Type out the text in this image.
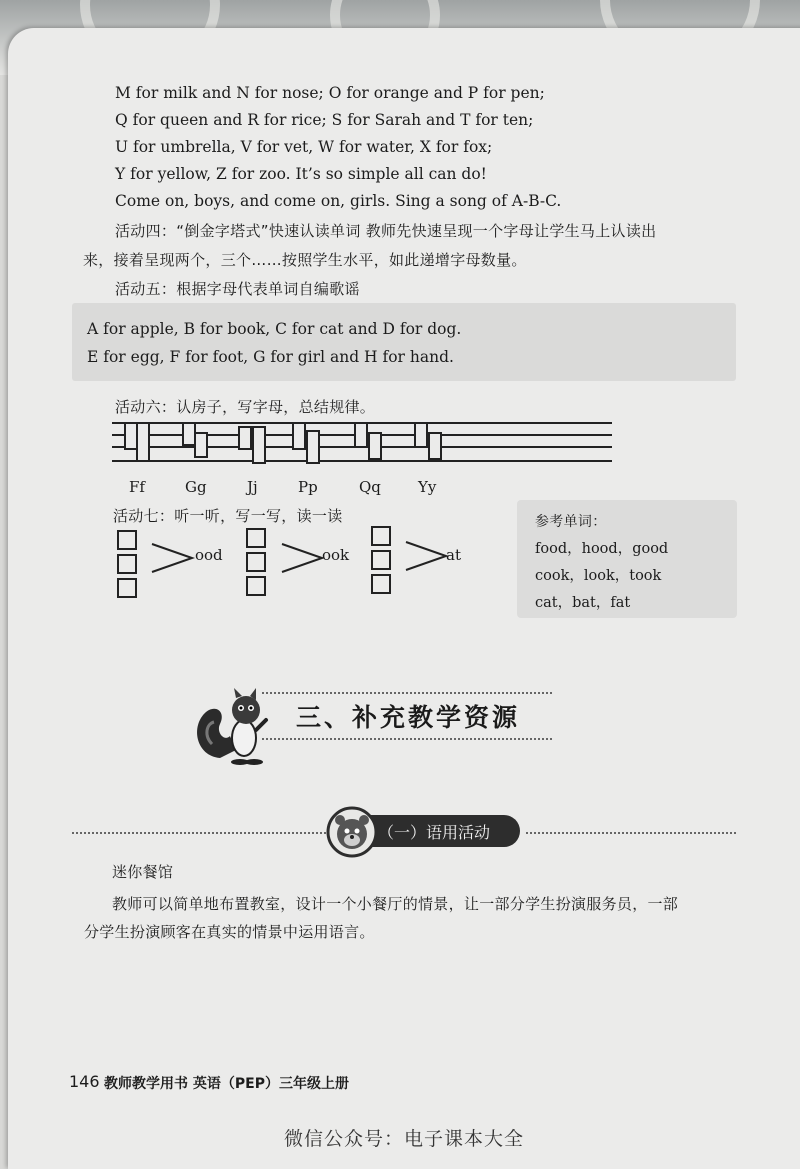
M for milk and N for nose; O for orange and P for pen;
Q for queen and R for rice; S for Sarah and T for ten;
U for umbrella, V for vet, W for water, X for fox;
Y for yellow, Z for zoo. It’s so simple all can do!
Come on, boys, and come on, girls. Sing a song of A-B-C.
活动四：“倒金字塔式”快速认读单词 教师先快速呈现一个字母让学生马上认读出
来，接着呈现两个，三个……按照学生水平，如此递增字母数量。
活动五：根据字母代表单词自编歌谣
A for apple, B for book, C for cat and D for dog.
E for egg, F for foot, G for girl and H for hand.
活动六：认房子，写字母，总结规律。
Ff	Gg	Jj	Pp	Qq Yy
活动七：听一听，写一写，读一读
ood	ook	at
参考单词：
food，hood，good
cook，look，took
cat，bat，fat
三、补充教学资源
（一）语用活动
迷你餐馆
教师可以简单地布置教室，设计一个小餐厅的情景，让一部分学生扮演服务员，一部
分学生扮演顾客在真实的情景中运用语言。
146 教师教学用书 英语（PEP）三年级上册
微信公众号：电子课本大全
